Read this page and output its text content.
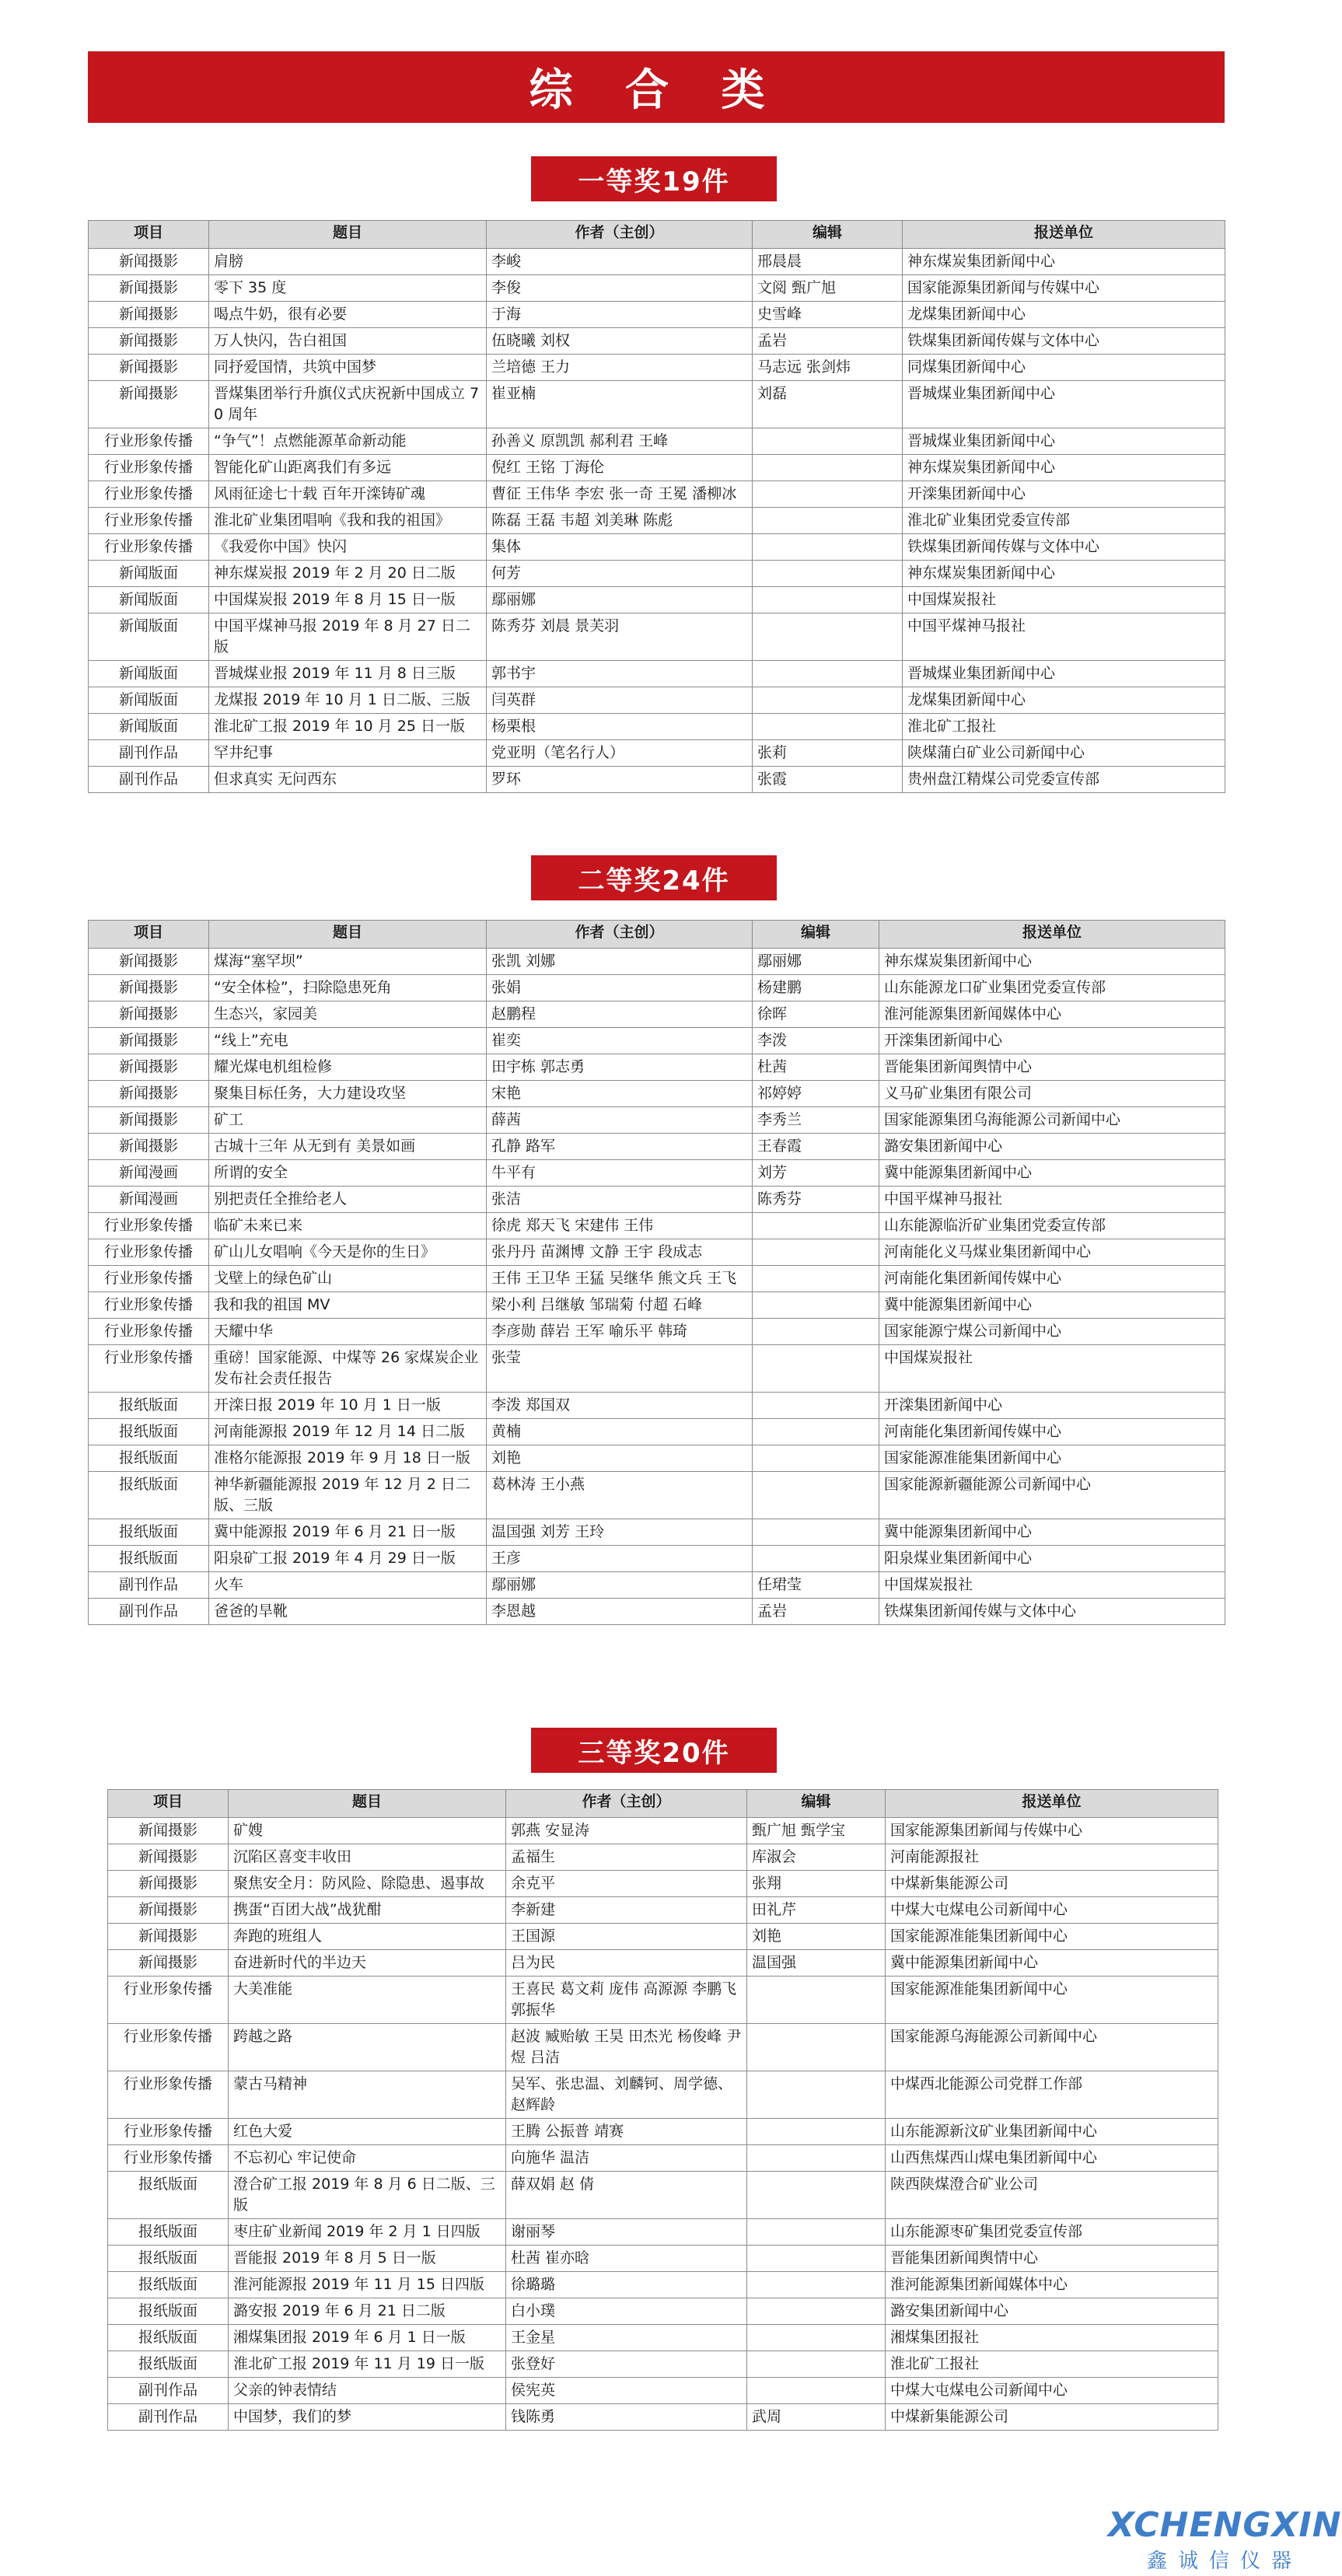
综 合 类
一等奖19件
项目	题目	作者（主创）	编辑	报送单位
新闻摄影	肩膀	李峻	邢晨晨	神东煤炭集团新闻中心
新闻摄影	零下 35 度	李俊	文阅 甄广旭	国家能源集团新闻与传媒中心
新闻摄影	喝点牛奶，很有必要	于海	史雪峰	龙煤集团新闻中心
新闻摄影	万人快闪，告白祖国	伍晓曦 刘权	孟岩	铁煤集团新闻传媒与文体中心
新闻摄影	同抒爱国情，共筑中国梦	兰培德 王力	马志远 张剑炜	同煤集团新闻中心
新闻摄影	晋煤集团举行升旗仪式庆祝新中国成立 70 周年	崔亚楠	刘磊	晋城煤业集团新闻中心
行业形象传播	“争气”！点燃能源革命新动能	孙善义 原凯凯 郝利君 王峰		晋城煤业集团新闻中心
行业形象传播	智能化矿山距离我们有多远	倪红 王铭 丁海伦		神东煤炭集团新闻中心
行业形象传播	风雨征途七十载 百年开滦铸矿魂	曹征 王伟华 李宏 张一奇 王冕 潘柳冰		开滦集团新闻中心
行业形象传播	淮北矿业集团唱响《我和我的祖国》	陈磊 王磊 韦超 刘美琳 陈彪		淮北矿业集团党委宣传部
行业形象传播	《我爱你中国》快闪	集体		铁煤集团新闻传媒与文体中心
新闻版面	神东煤炭报 2019 年 2 月 20 日二版	何芳		神东煤炭集团新闻中心
新闻版面	中国煤炭报 2019 年 8 月 15 日一版	鄢丽娜		中国煤炭报社
新闻版面	中国平煤神马报 2019 年 8 月 27 日二版	陈秀芬 刘晨 景芙羽		中国平煤神马报社
新闻版面	晋城煤业报 2019 年 11 月 8 日三版	郭书宇		晋城煤业集团新闻中心
新闻版面	龙煤报 2019 年 10 月 1 日二版、三版	闫英群		龙煤集团新闻中心
新闻版面	淮北矿工报 2019 年 10 月 25 日一版	杨栗根		淮北矿工报社
副刊作品	罕井纪事	党亚明（笔名行人）	张莉	陕煤蒲白矿业公司新闻中心
副刊作品	但求真实 无问西东	罗环	张霞	贵州盘江精煤公司党委宣传部
二等奖24件
项目	题目	作者（主创）	编辑	报送单位
新闻摄影	煤海“塞罕坝”	张凯 刘娜	鄢丽娜	神东煤炭集团新闻中心
新闻摄影	“安全体检”，扫除隐患死角	张娟	杨建鹏	山东能源龙口矿业集团党委宣传部
新闻摄影	生态兴，家园美	赵鹏程	徐晖	淮河能源集团新闻媒体中心
新闻摄影	“线上”充电	崔奕	李泼	开滦集团新闻中心
新闻摄影	耀光煤电机组检修	田宇栋 郭志勇	杜茜	晋能集团新闻舆情中心
新闻摄影	聚集目标任务，大力建设攻坚	宋艳	祁婷婷	义马矿业集团有限公司
新闻摄影	矿工	薛茜	李秀兰	国家能源集团乌海能源公司新闻中心
新闻摄影	古城十三年 从无到有 美景如画	孔静 路军	王春霞	潞安集团新闻中心
新闻漫画	所谓的安全	牛平有	刘芳	冀中能源集团新闻中心
新闻漫画	别把责任全推给老人	张洁	陈秀芬	中国平煤神马报社
行业形象传播	临矿未来已来	徐虎 郑天飞 宋建伟 王伟		山东能源临沂矿业集团党委宣传部
行业形象传播	矿山儿女唱响《今天是你的生日》	张丹丹 苗渊博 文静 王宇 段成志		河南能化义马煤业集团新闻中心
行业形象传播	戈壁上的绿色矿山	王伟 王卫华 王猛 吴继华 熊文兵 王飞		河南能化集团新闻传媒中心
行业形象传播	我和我的祖国 MV	梁小利 吕继敏 邹瑞菊 付超 石峰		冀中能源集团新闻中心
行业形象传播	天耀中华	李彦勋 薛岩 王军 喻乐平 韩琦		国家能源宁煤公司新闻中心
行业形象传播	重磅！国家能源、中煤等 26 家煤炭企业发布社会责任报告	张莹		中国煤炭报社
报纸版面	开滦日报 2019 年 10 月 1 日一版	李泼 郑国双		开滦集团新闻中心
报纸版面	河南能源报 2019 年 12 月 14 日二版	黄楠		河南能化集团新闻传媒中心
报纸版面	准格尔能源报 2019 年 9 月 18 日一版	刘艳		国家能源准能集团新闻中心
报纸版面	神华新疆能源报 2019 年 12 月 2 日二版、三版	葛林涛 王小燕		国家能源新疆能源公司新闻中心
报纸版面	冀中能源报 2019 年 6 月 21 日一版	温国强 刘芳 王玲		冀中能源集团新闻中心
报纸版面	阳泉矿工报 2019 年 4 月 29 日一版	王彦		阳泉煤业集团新闻中心
副刊作品	火车	鄢丽娜	任珺莹	中国煤炭报社
副刊作品	爸爸的旱靴	李恩越	孟岩	铁煤集团新闻传媒与文体中心
三等奖20件
项目	题目	作者（主创）	编辑	报送单位
新闻摄影	矿嫂	郭燕 安显涛	甄广旭 甄学宝	国家能源集团新闻与传媒中心
新闻摄影	沉陷区喜变丰收田	孟福生	库淑会	河南能源报社
新闻摄影	聚焦安全月：防风险、除隐患、遏事故	余克平	张翔	中煤新集能源公司
新闻摄影	携蛋“百团大战”战犹酣	李新建	田礼芹	中煤大屯煤电公司新闻中心
新闻摄影	奔跑的班组人	王国源	刘艳	国家能源准能集团新闻中心
新闻摄影	奋进新时代的半边天	吕为民	温国强	冀中能源集团新闻中心
行业形象传播	大美准能	王喜民 葛文莉 庞伟 高源源 李鹏飞 郭振华		国家能源准能集团新闻中心
行业形象传播	跨越之路	赵波 臧贻敏 王昊 田杰光 杨俊峰 尹煜 吕洁		国家能源乌海能源公司新闻中心
行业形象传播	蒙古马精神	吴军、张忠温、刘麟钶、周学德、赵辉龄		中煤西北能源公司党群工作部
行业形象传播	红色大爱	王腾 公振普 靖赛		山东能源新汶矿业集团新闻中心
行业形象传播	不忘初心 牢记使命	向施华 温洁		山西焦煤西山煤电集团新闻中心
报纸版面	澄合矿工报 2019 年 8 月 6 日二版、三版	薛双娟 赵 倩		陕西陕煤澄合矿业公司
报纸版面	枣庄矿业新闻 2019 年 2 月 1 日四版	谢丽琴		山东能源枣矿集团党委宣传部
报纸版面	晋能报 2019 年 8 月 5 日一版	杜茜 崔亦晗		晋能集团新闻舆情中心
报纸版面	淮河能源报 2019 年 11 月 15 日四版	徐璐璐		淮河能源集团新闻媒体中心
报纸版面	潞安报 2019 年 6 月 21 日二版	白小璞		潞安集团新闻中心
报纸版面	湘煤集团报 2019 年 6 月 1 日一版	王金星		湘煤集团报社
报纸版面	淮北矿工报 2019 年 11 月 19 日一版	张登好		淮北矿工报社
副刊作品	父亲的钟表情结	侯宪英		中煤大屯煤电公司新闻中心
副刊作品	中国梦，我们的梦	钱陈勇	武周	中煤新集能源公司
XCHENGXIN
鑫诚信仪器
